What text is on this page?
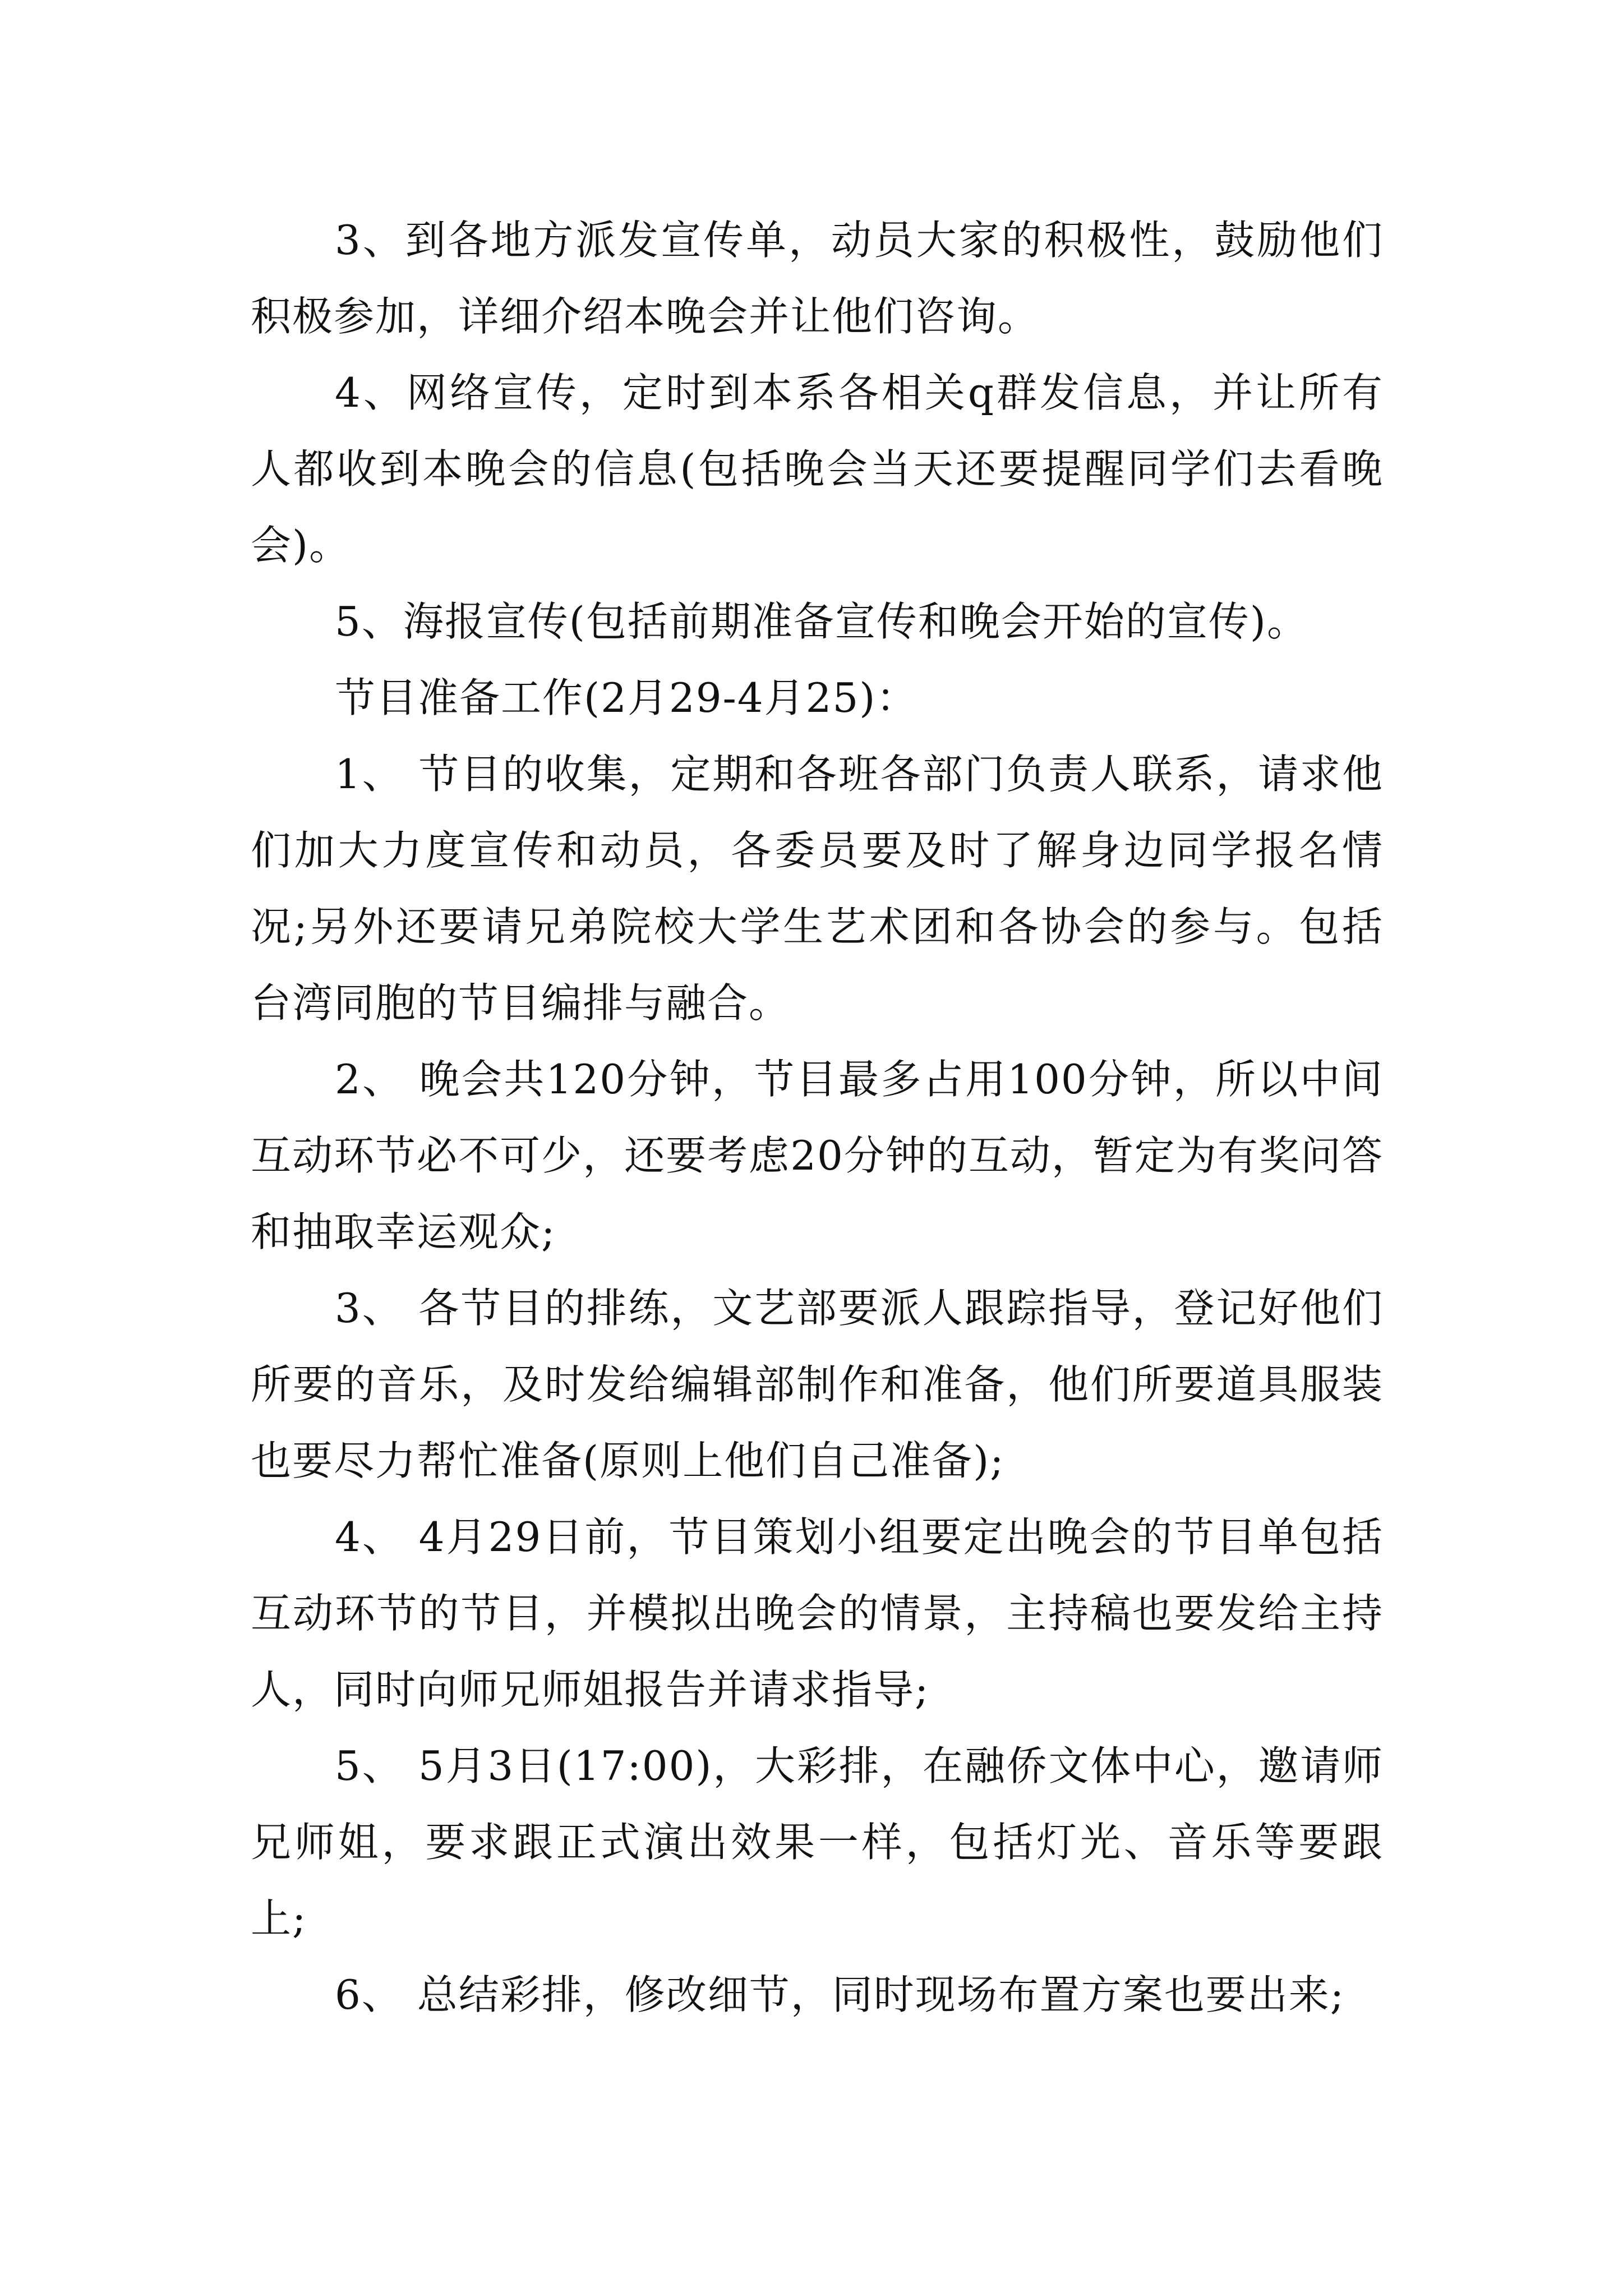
3、到各地方派发宣传单，动员大家的积极性，鼓励他们积极参加，详细介绍本晚会并让他们咨询。

4、网络宣传，定时到本系各相关q群发信息，并让所有人都收到本晚会的信息(包括晚会当天还要提醒同学们去看晚会)。

5、海报宣传(包括前期准备宣传和晚会开始的宣传)。

节目准备工作(2月29-4月25)：

1、 节目的收集，定期和各班各部门负责人联系，请求他们加大力度宣传和动员，各委员要及时了解身边同学报名情况;另外还要请兄弟院校大学生艺术团和各协会的参与。包括台湾同胞的节目编排与融合。

2、 晚会共120分钟，节目最多占用100分钟，所以中间互动环节必不可少，还要考虑20分钟的互动，暂定为有奖问答和抽取幸运观众;

3、 各节目的排练，文艺部要派人跟踪指导，登记好他们所要的音乐，及时发给编辑部制作和准备，他们所要道具服装也要尽力帮忙准备(原则上他们自己准备);

4、 4月29日前，节目策划小组要定出晚会的节目单包括互动环节的节目，并模拟出晚会的情景，主持稿也要发给主持人，同时向师兄师姐报告并请求指导;

5、 5月3日(17:00)，大彩排，在融侨文体中心，邀请师兄师姐，要求跟正式演出效果一样，包括灯光、音乐等要跟上;

6、 总结彩排，修改细节，同时现场布置方案也要出来;
